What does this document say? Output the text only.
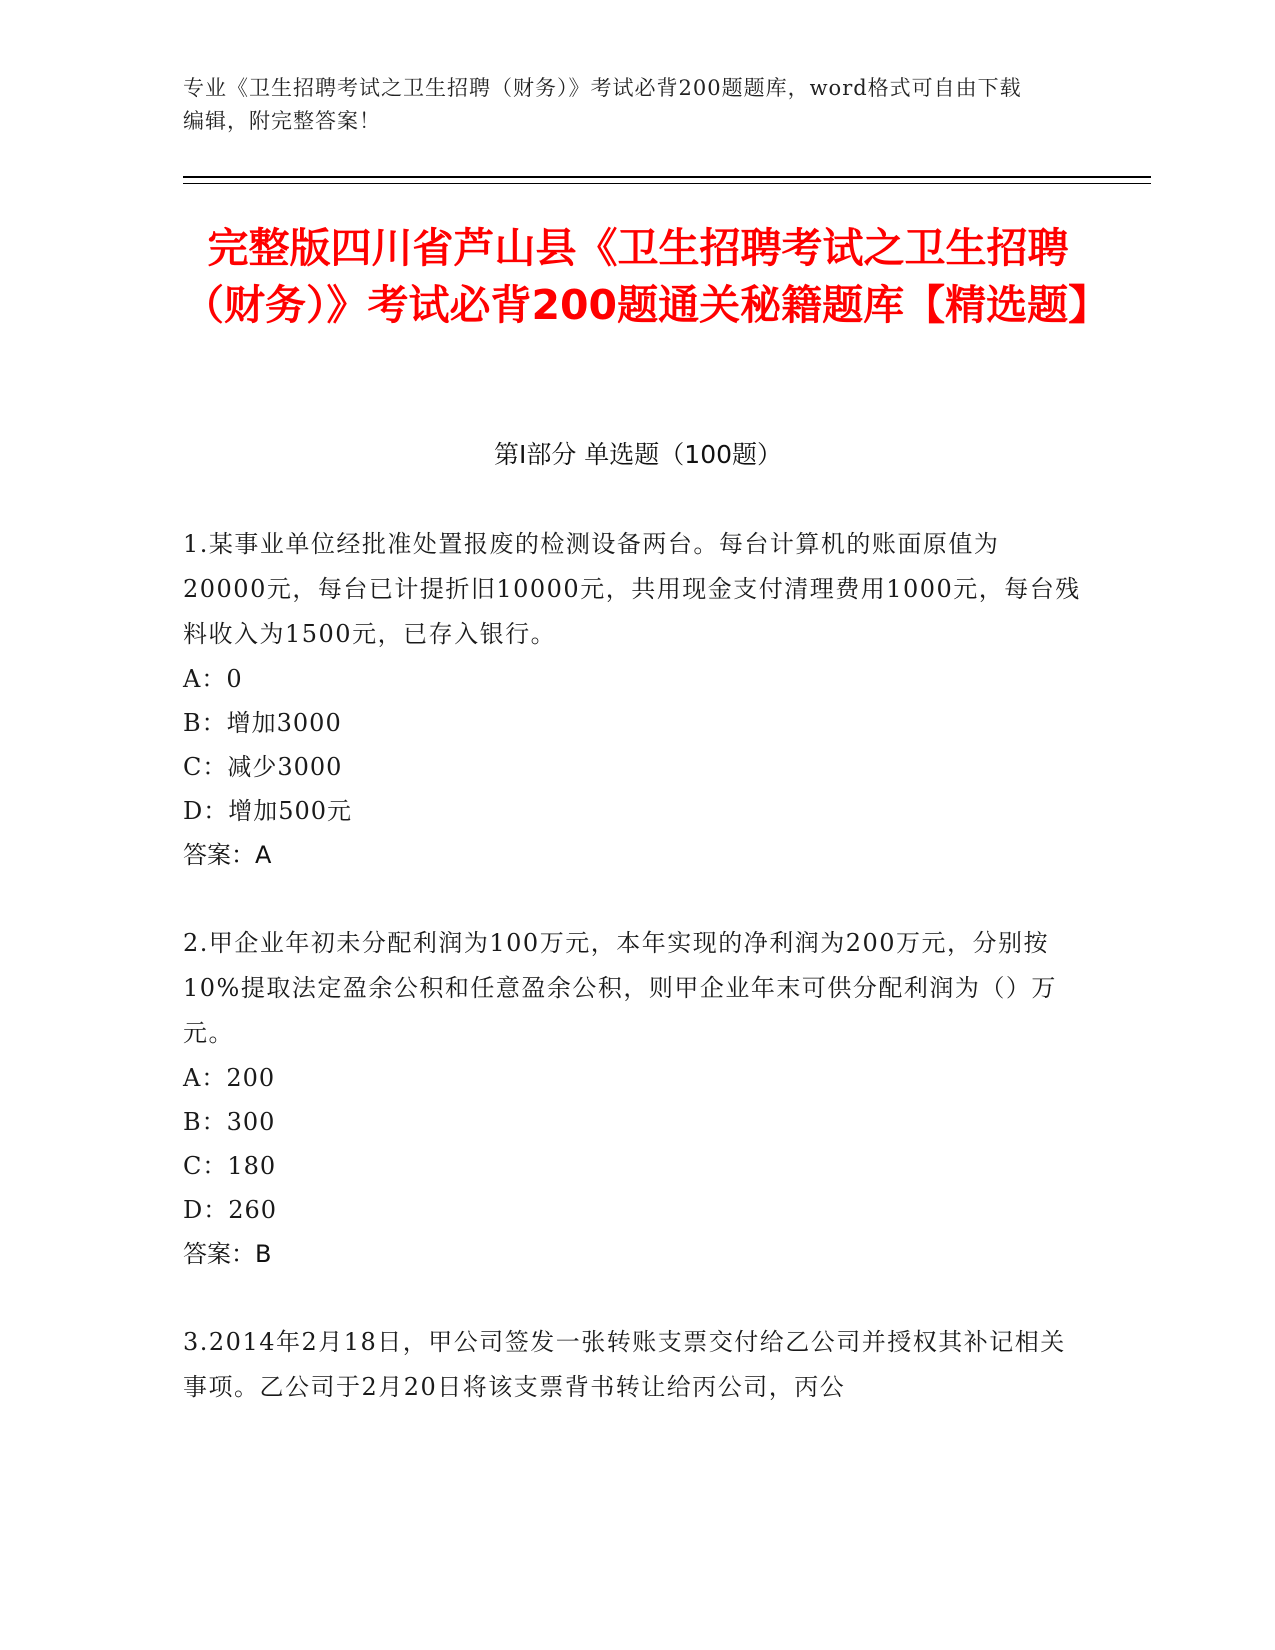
专业《卫生招聘考试之卫生招聘（财务）》考试必背200题题库，word格式可自由下载编辑，附完整答案！
完整版四川省芦山县《卫生招聘考试之卫生招聘（财务）》考试必背200题通关秘籍题库【精选题】
第I部分 单选题（100题）
1.某事业单位经批准处置报废的检测设备两台。每台计算机的账面原值为20000元，每台已计提折旧10000元，共用现金支付清理费用1000元，每台残料收入为1500元，已存入银行。
A：0
B：增加3000
C：减少3000
D：增加500元
答案：A
2.甲企业年初未分配利润为100万元，本年实现的净利润为200万元，分别按10%提取法定盈余公积和任意盈余公积，则甲企业年末可供分配利润为（）万元。
A：200
B：300
C：180
D：260
答案：B
3.2014年2月18日，甲公司签发一张转账支票交付给乙公司并授权其补记相关事项。乙公司于2月20日将该支票背书转让给丙公司，丙公
